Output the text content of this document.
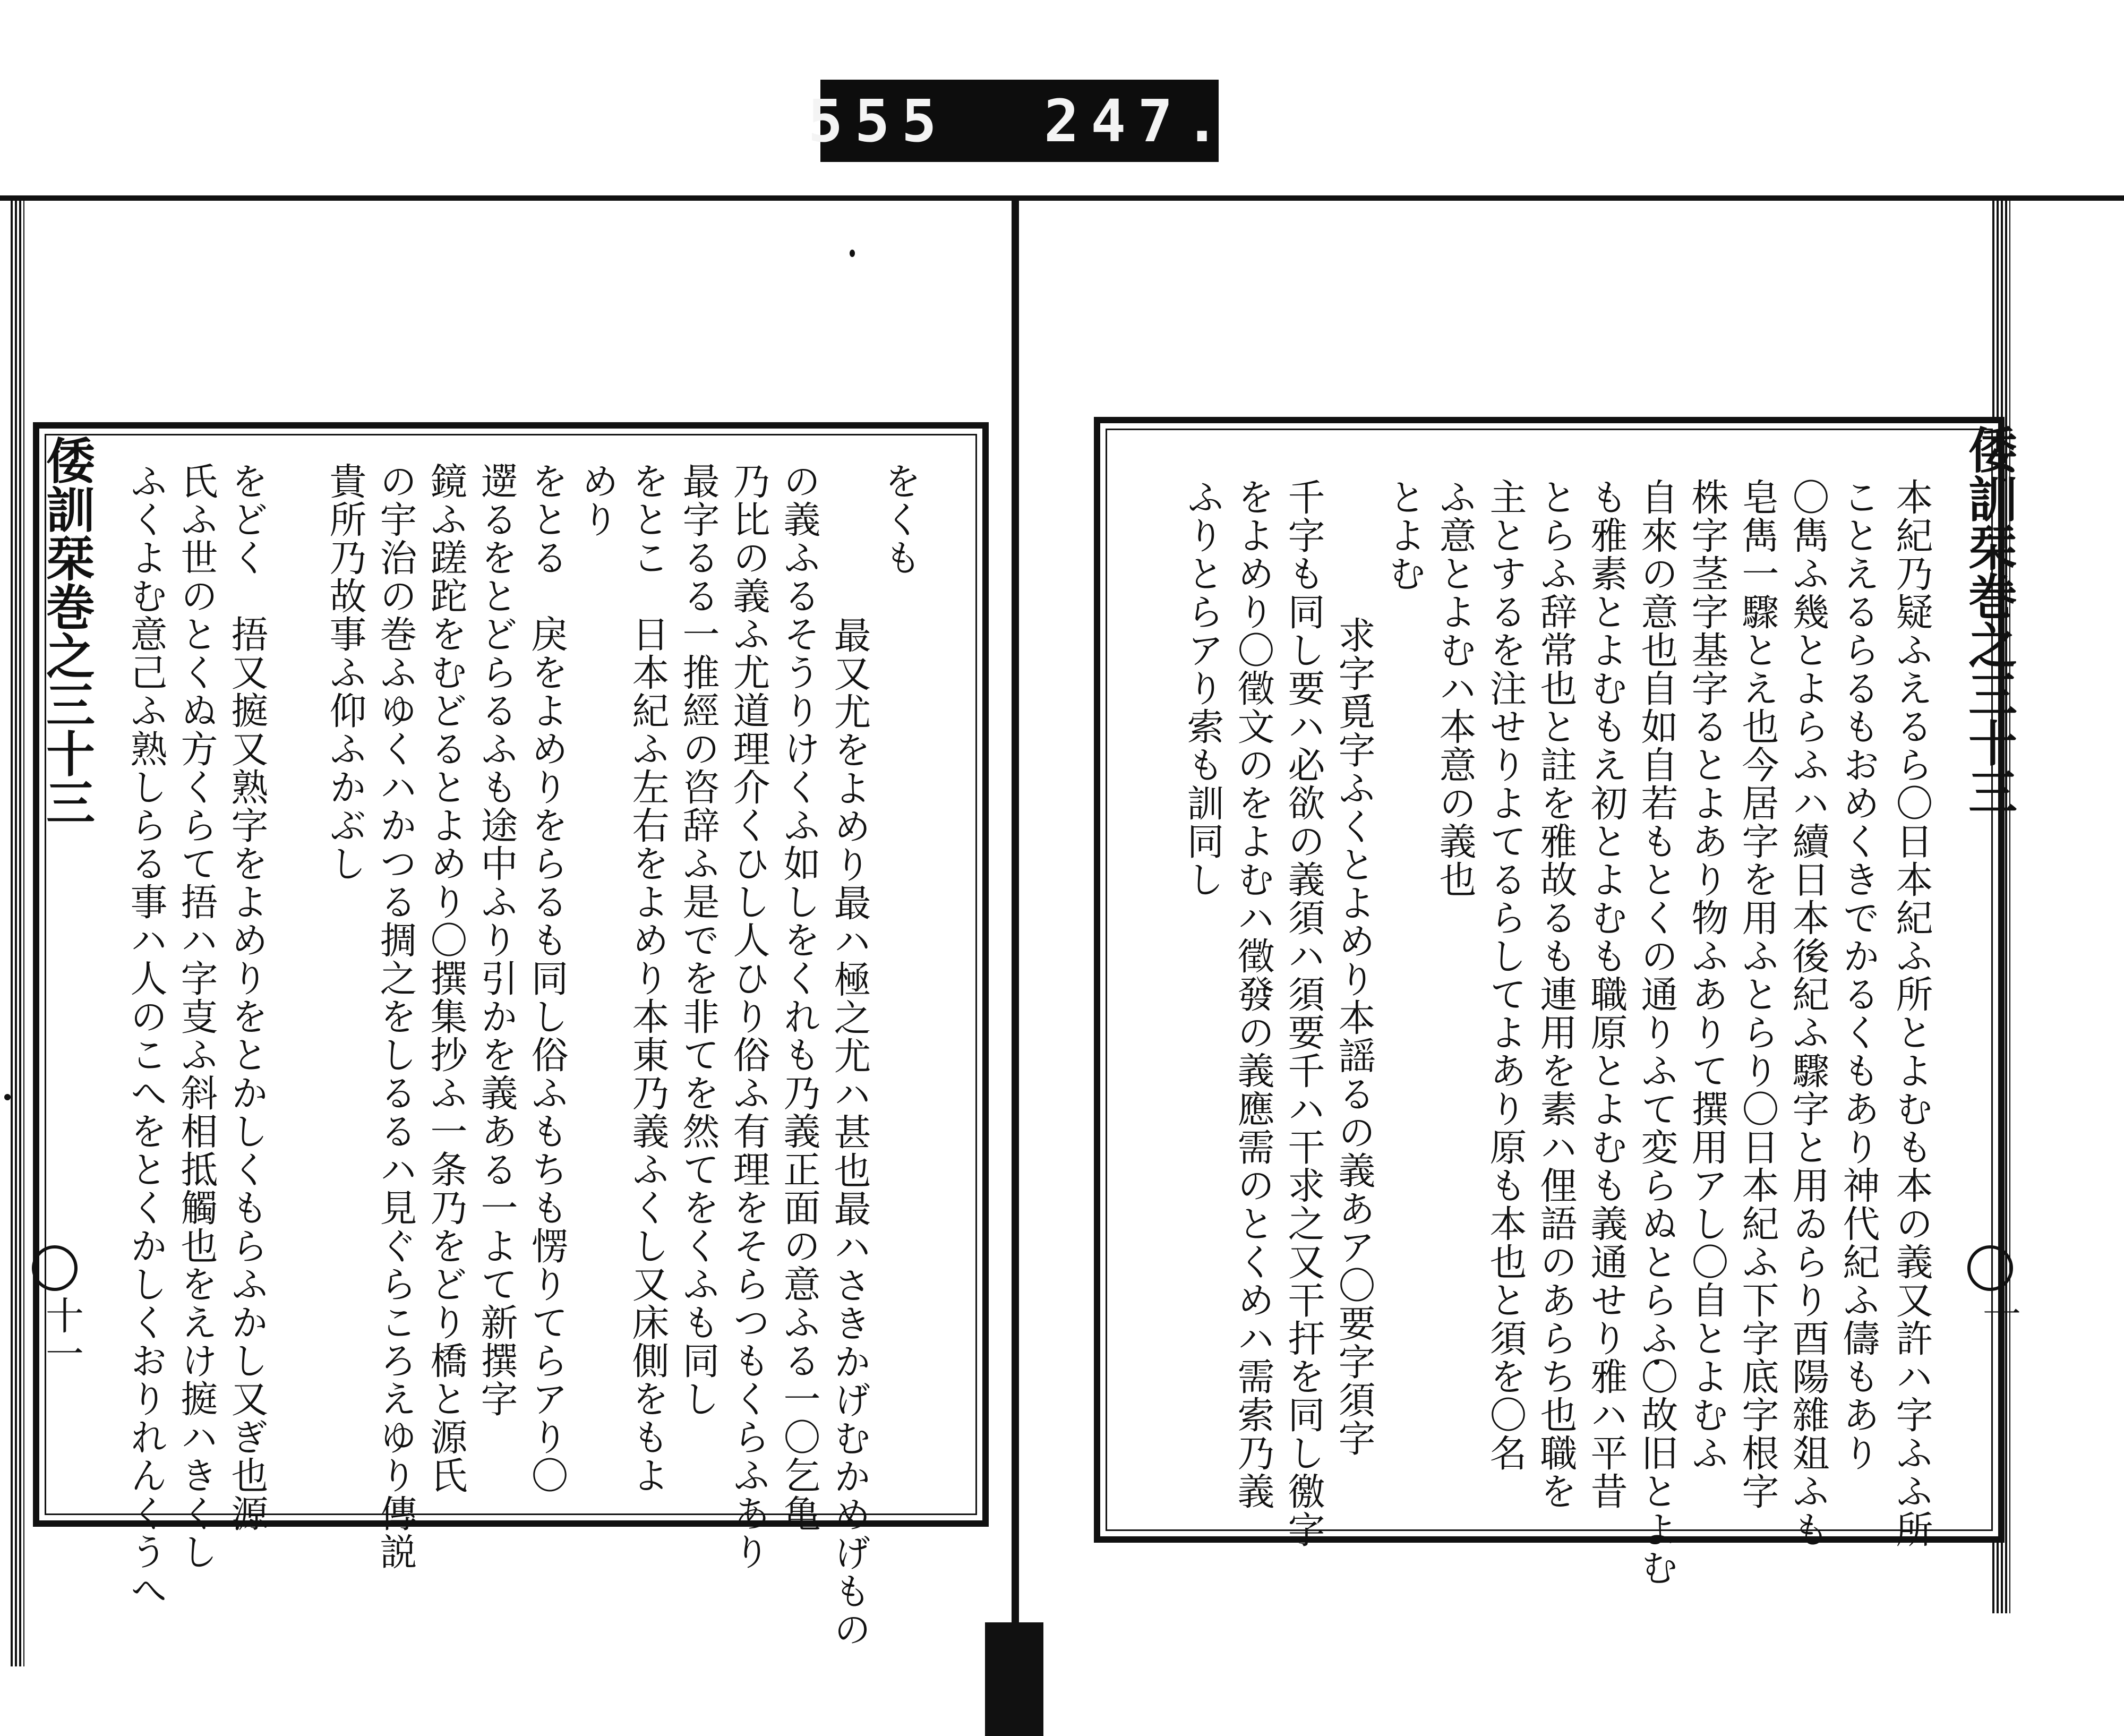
555 247.
倭訓栞巻之三十三
十一
倭訓栞巻之三十三
十
本紀乃疑ふえるら〇日本紀ふ所とよむも本の義又許ハ字ふふ所
ことえるらるもおめくきでかるくもあり神代紀ふ儔もあり
〇雋ふ幾とよらふハ續日本後紀ふ驟字と用ゐらり酉陽雜爼ふも
皂雋一驟とえ也今居字を用ふとらり〇日本紀ふ下字底字根字
株字茎字基字るとよあり物ふありて撰用アし〇自とよむふ
自來の意也自如自若もとくの通りふて変らぬとらふ〇故旧とよむ
も雅素とよむもえ初とよむも職原とよむも義通せり雅ハ平昔
とらふ辞常也と註を雅故るも連用を素ハ俚語のあらち也職を
主とするを注せりよてるらしてよあり原も本也と須を〇名
ふ意とよむハ本意の義也
とよむ
求字覓字ふくとよめり本謡るの義あア〇要字須字
千字も同し要ハ必欲の義須ハ須要千ハ干求之又干扞を同し徼字
をよめり〇徵文のをよむハ徵發の義應需のとくめハ需索乃義
ふりとらアり索も訓同し
をくも
最又尤をよめり最ハ極之尤ハ甚也最ハさきかげむかめげもの
の義ふるそうりけくふ如しをくれも乃義正面の意ふる一〇乞亀
乃比の義ふ尤道理介くひし人ひり俗ふ有理をそらつもくらふあり
最字るる一推經の咨辞ふ是でを非てを然てをくふも同し
をとこ　日本紀ふ左右をよめり本東乃義ふくし又床側をもよ
めり
をとる　戾をよめりをらるも同し俗ふもちも愣りてらアり〇
遻るをとどらるふも途中ふり引かを義ある一よて新撰字
鏡ふ蹉跎をむどるとよめり〇撰集抄ふ一条乃をどり橋と源氏
の宇治の巻ふゆくハかつる㨄之をしるるハ見ぐらころえゆり傳説
貴所乃故事ふ仰ふかぶし
をどく　捂又㨩又熟字をよめりをとかしくもらふかし又ぎ也源
氏ふ世のとくぬ方くらて捂ハ字㕝ふ斜相抵觸也をえけ㨩ハきくし
ふくよむ意己ふ熟しらる事ハ人のこへをとくかしくおりれんくうへ
